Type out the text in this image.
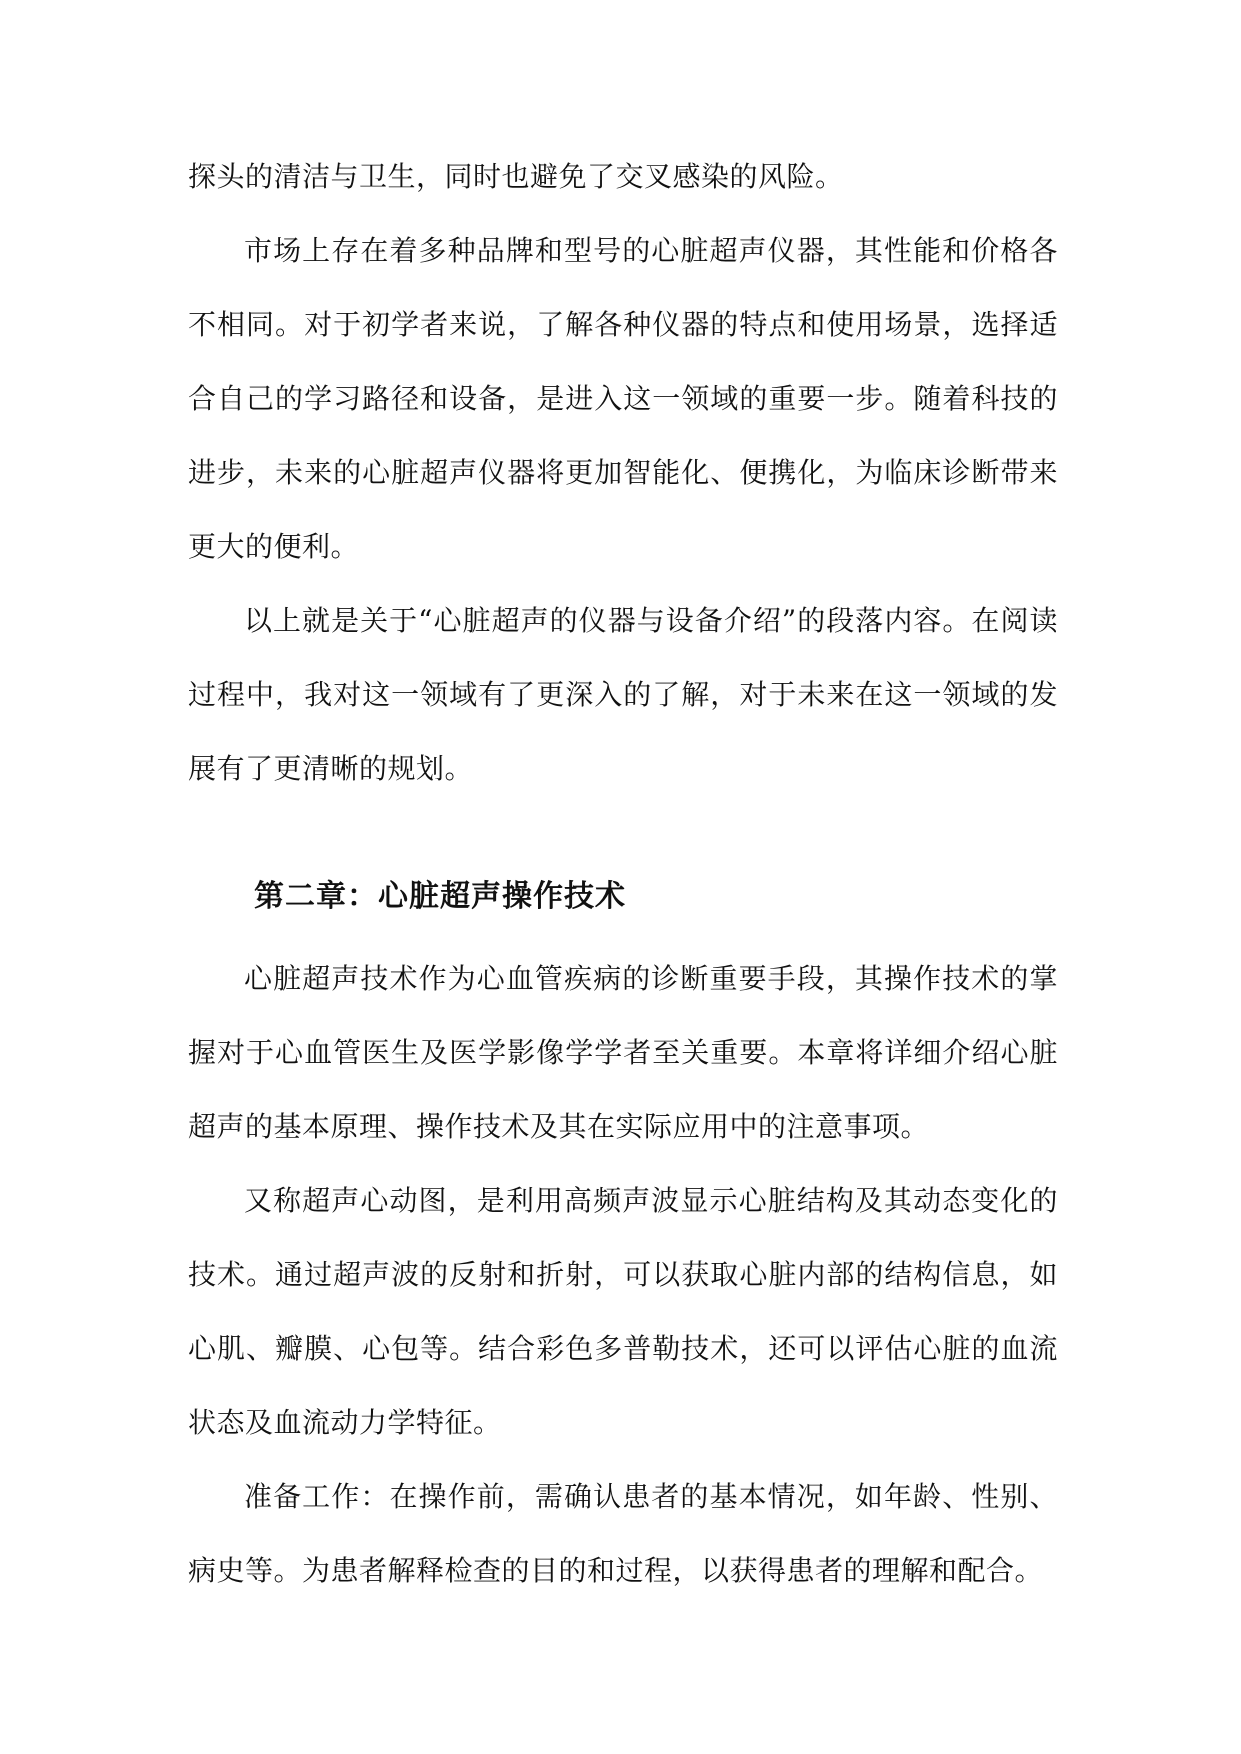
探头的清洁与卫生，同时也避免了交叉感染的风险。

市场上存在着多种品牌和型号的心脏超声仪器，其性能和价格各不相同。对于初学者来说，了解各种仪器的特点和使用场景，选择适合自己的学习路径和设备，是进入这一领域的重要一步。随着科技的进步，未来的心脏超声仪器将更加智能化、便携化，为临床诊断带来更大的便利。

以上就是关于“心脏超声的仪器与设备介绍”的段落内容。在阅读过程中，我对这一领域有了更深入的了解，对于未来在这一领域的发展有了更清晰的规划。

第二章：心脏超声操作技术

心脏超声技术作为心血管疾病的诊断重要手段，其操作技术的掌握对于心血管医生及医学影像学学者至关重要。本章将详细介绍心脏超声的基本原理、操作技术及其在实际应用中的注意事项。

又称超声心动图，是利用高频声波显示心脏结构及其动态变化的技术。通过超声波的反射和折射，可以获取心脏内部的结构信息，如心肌、瓣膜、心包等。结合彩色多普勒技术，还可以评估心脏的血流状态及血流动力学特征。

准备工作：在操作前，需确认患者的基本情况，如年龄、性别、病史等。为患者解释检查的目的和过程，以获得患者的理解和配合。
